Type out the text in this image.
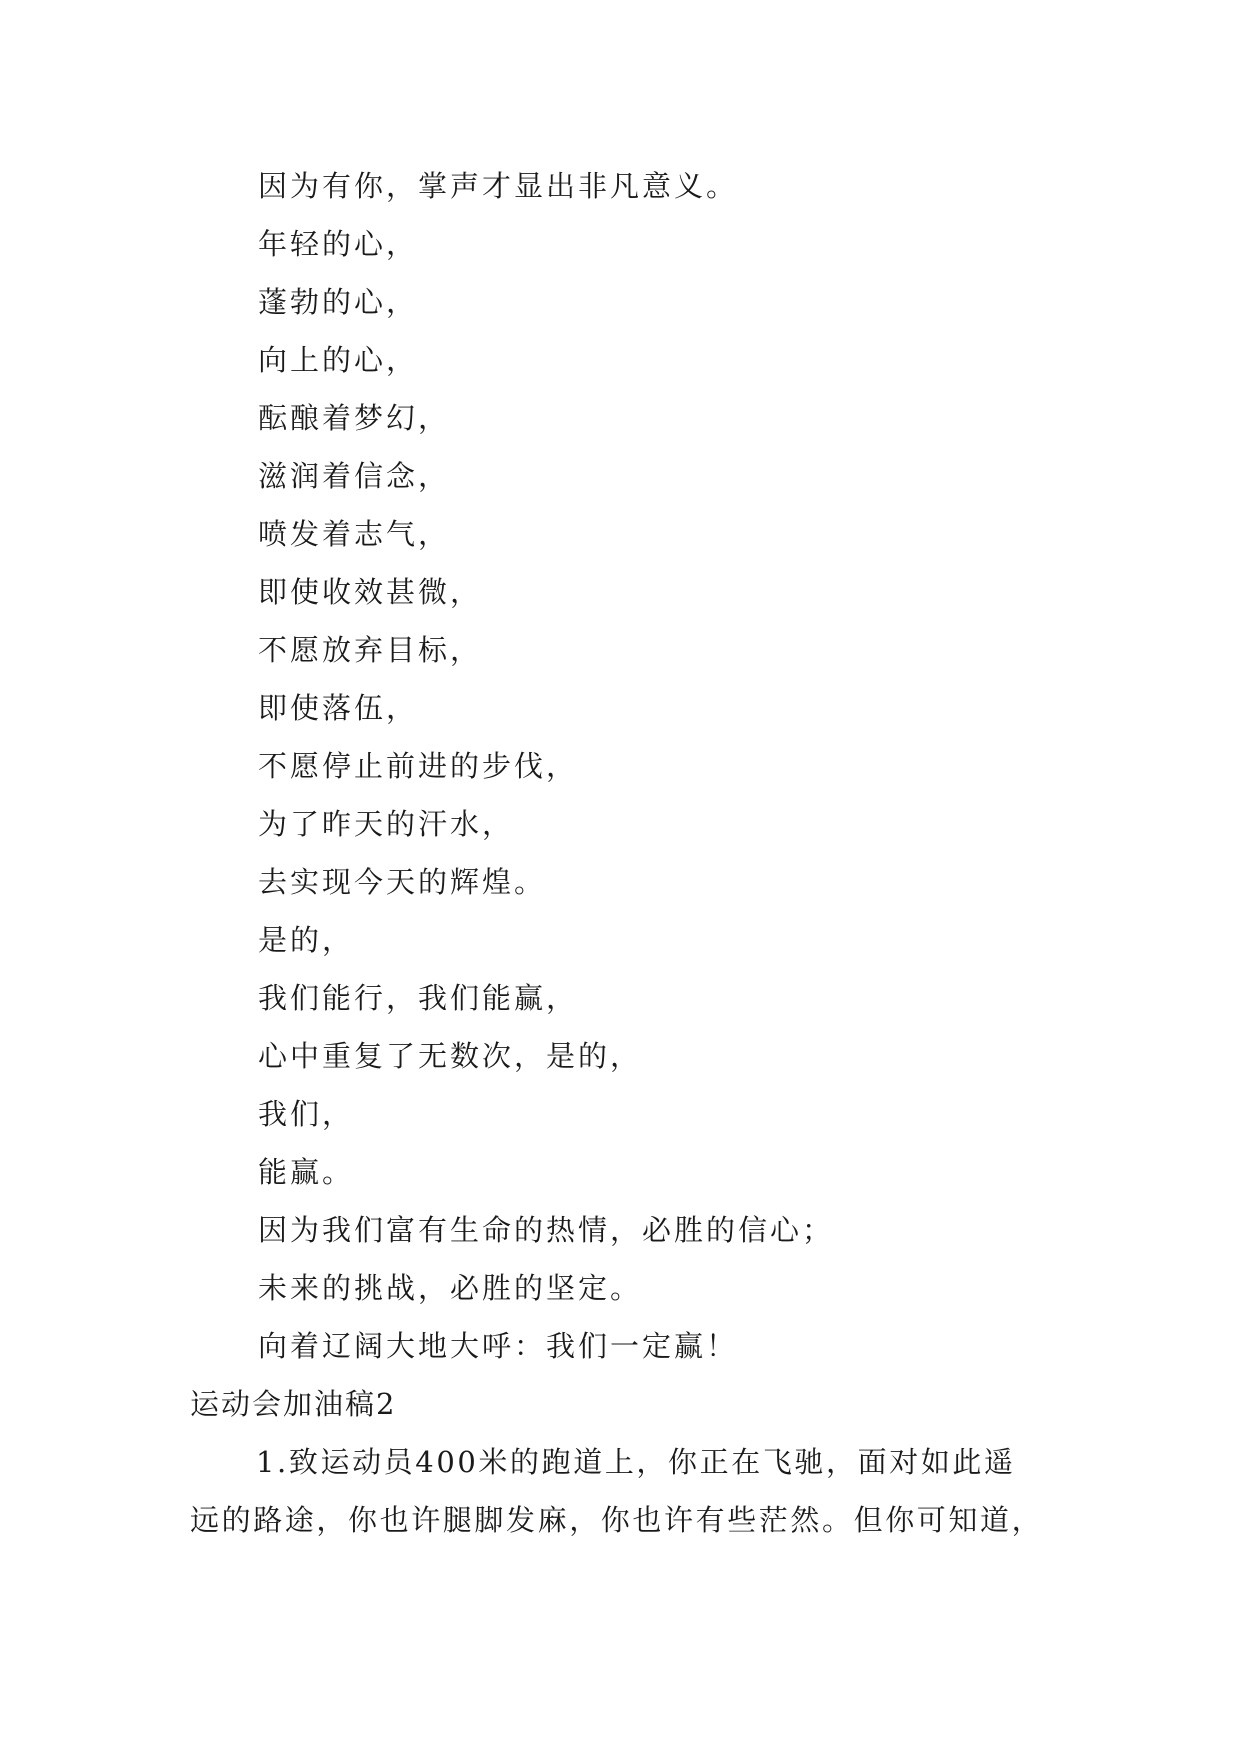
因为有你，掌声才显出非凡意义。
年轻的心，
蓬勃的心，
向上的心，
酝酿着梦幻，
滋润着信念，
喷发着志气，
即使收效甚微，
不愿放弃目标，
即使落伍，
不愿停止前进的步伐，
为了昨天的汗水，
去实现今天的辉煌。
是的，
我们能行，我们能赢，
心中重复了无数次，是的，
我们，
能赢。
因为我们富有生命的热情，必胜的信心；
未来的挑战，必胜的坚定。
向着辽阔大地大呼：我们一定赢！
运动会加油稿2
1.致运动员400米的跑道上，你正在飞驰，面对如此遥
远的路途，你也许腿脚发麻，你也许有些茫然。但你可知道，
